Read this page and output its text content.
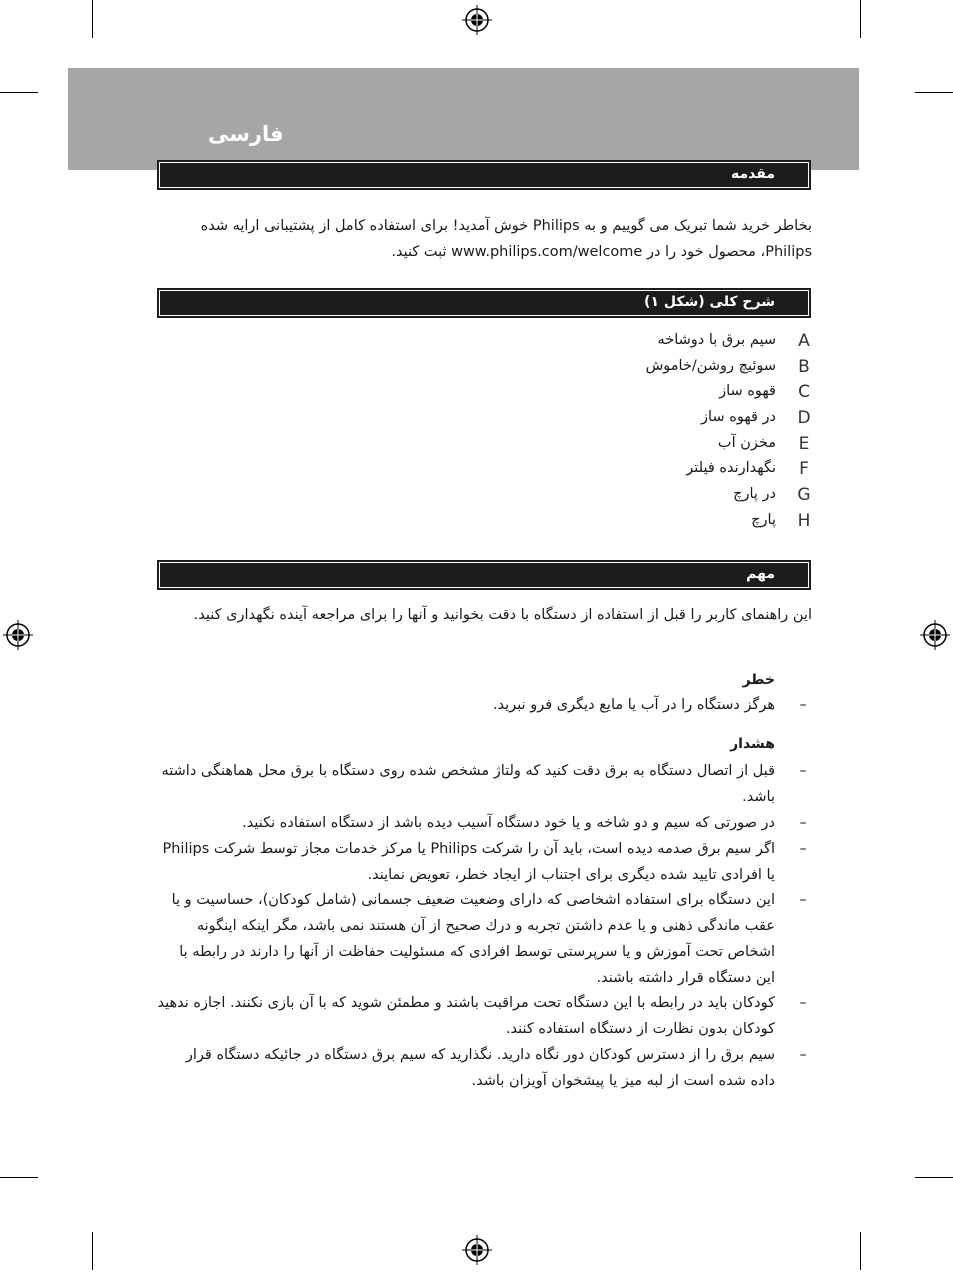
فارسی
مقدمه
بخاطر خرید شما تبریک می گوییم و به Philips خوش آمدید! برای استفاده کامل از پشتیبانی ارایه شده Philips، محصول خود را در www.philips.com/welcome ثبت کنید.
شرح کلی (شکل ۱)
A
سیم برق با دوشاخه
B
سوئیچ روشن/خاموش
C
قهوه ساز
D
در قهوه ساز
E
مخزن آب
F
نگهدارنده فیلتر
G
در پارچ
H
پارچ
مهم
این راهنمای کاربر را قبل از استفاده از دستگاه با دقت بخوانید و آنها را برای مراجعه آینده نگهداری کنید.
خطر
–
هرگز دستگاه را در آب یا مایع دیگری فرو نبرید.
هشدار
–
قبل از اتصال دستگاه به برق دقت کنید که ولتاژ مشخص شده روی دستگاه با برق محل هماهنگی داشته باشد.
–
در صورتی که سیم و دو شاخه و یا خود دستگاه آسیب دیده باشد از دستگاه استفاده نکنید.
–
اگر سیم برق صدمه دیده است، باید آن را شرکت Philips یا مرکز خدمات مجاز توسط شرکت Philips یا افرادی تایید شده دیگری برای اجتناب از ایجاد خطر، تعویض نمایند.
–
این دستگاه برای استفاده اشخاصی که دارای وضعیت ضعیف جسمانی (شامل کودکان)، حساسیت و یا عقب ماندگی ذهنی و یا عدم داشتن تجربه و درك صحیح از آن هستند نمی باشد، مگر اینکه اینگونه اشخاص تحت آموزش و یا سرپرستی توسط افرادی که مسئولیت حفاظت از آنها را دارند در رابطه با این دستگاه قرار داشته باشند.
–
کودکان باید در رابطه با این دستگاه تحت مراقبت باشند و مطمئن شوید که با آن بازی نکنند. اجازه ندهید کودکان بدون نظارت از دستگاه استفاده کنند.
–
سیم برق را از دسترس کودکان دور نگاه دارید. نگذارید که سیم برق دستگاه در جائیکه دستگاه قرار داده شده است از لبه میز یا پیشخوان آویزان باشد.
